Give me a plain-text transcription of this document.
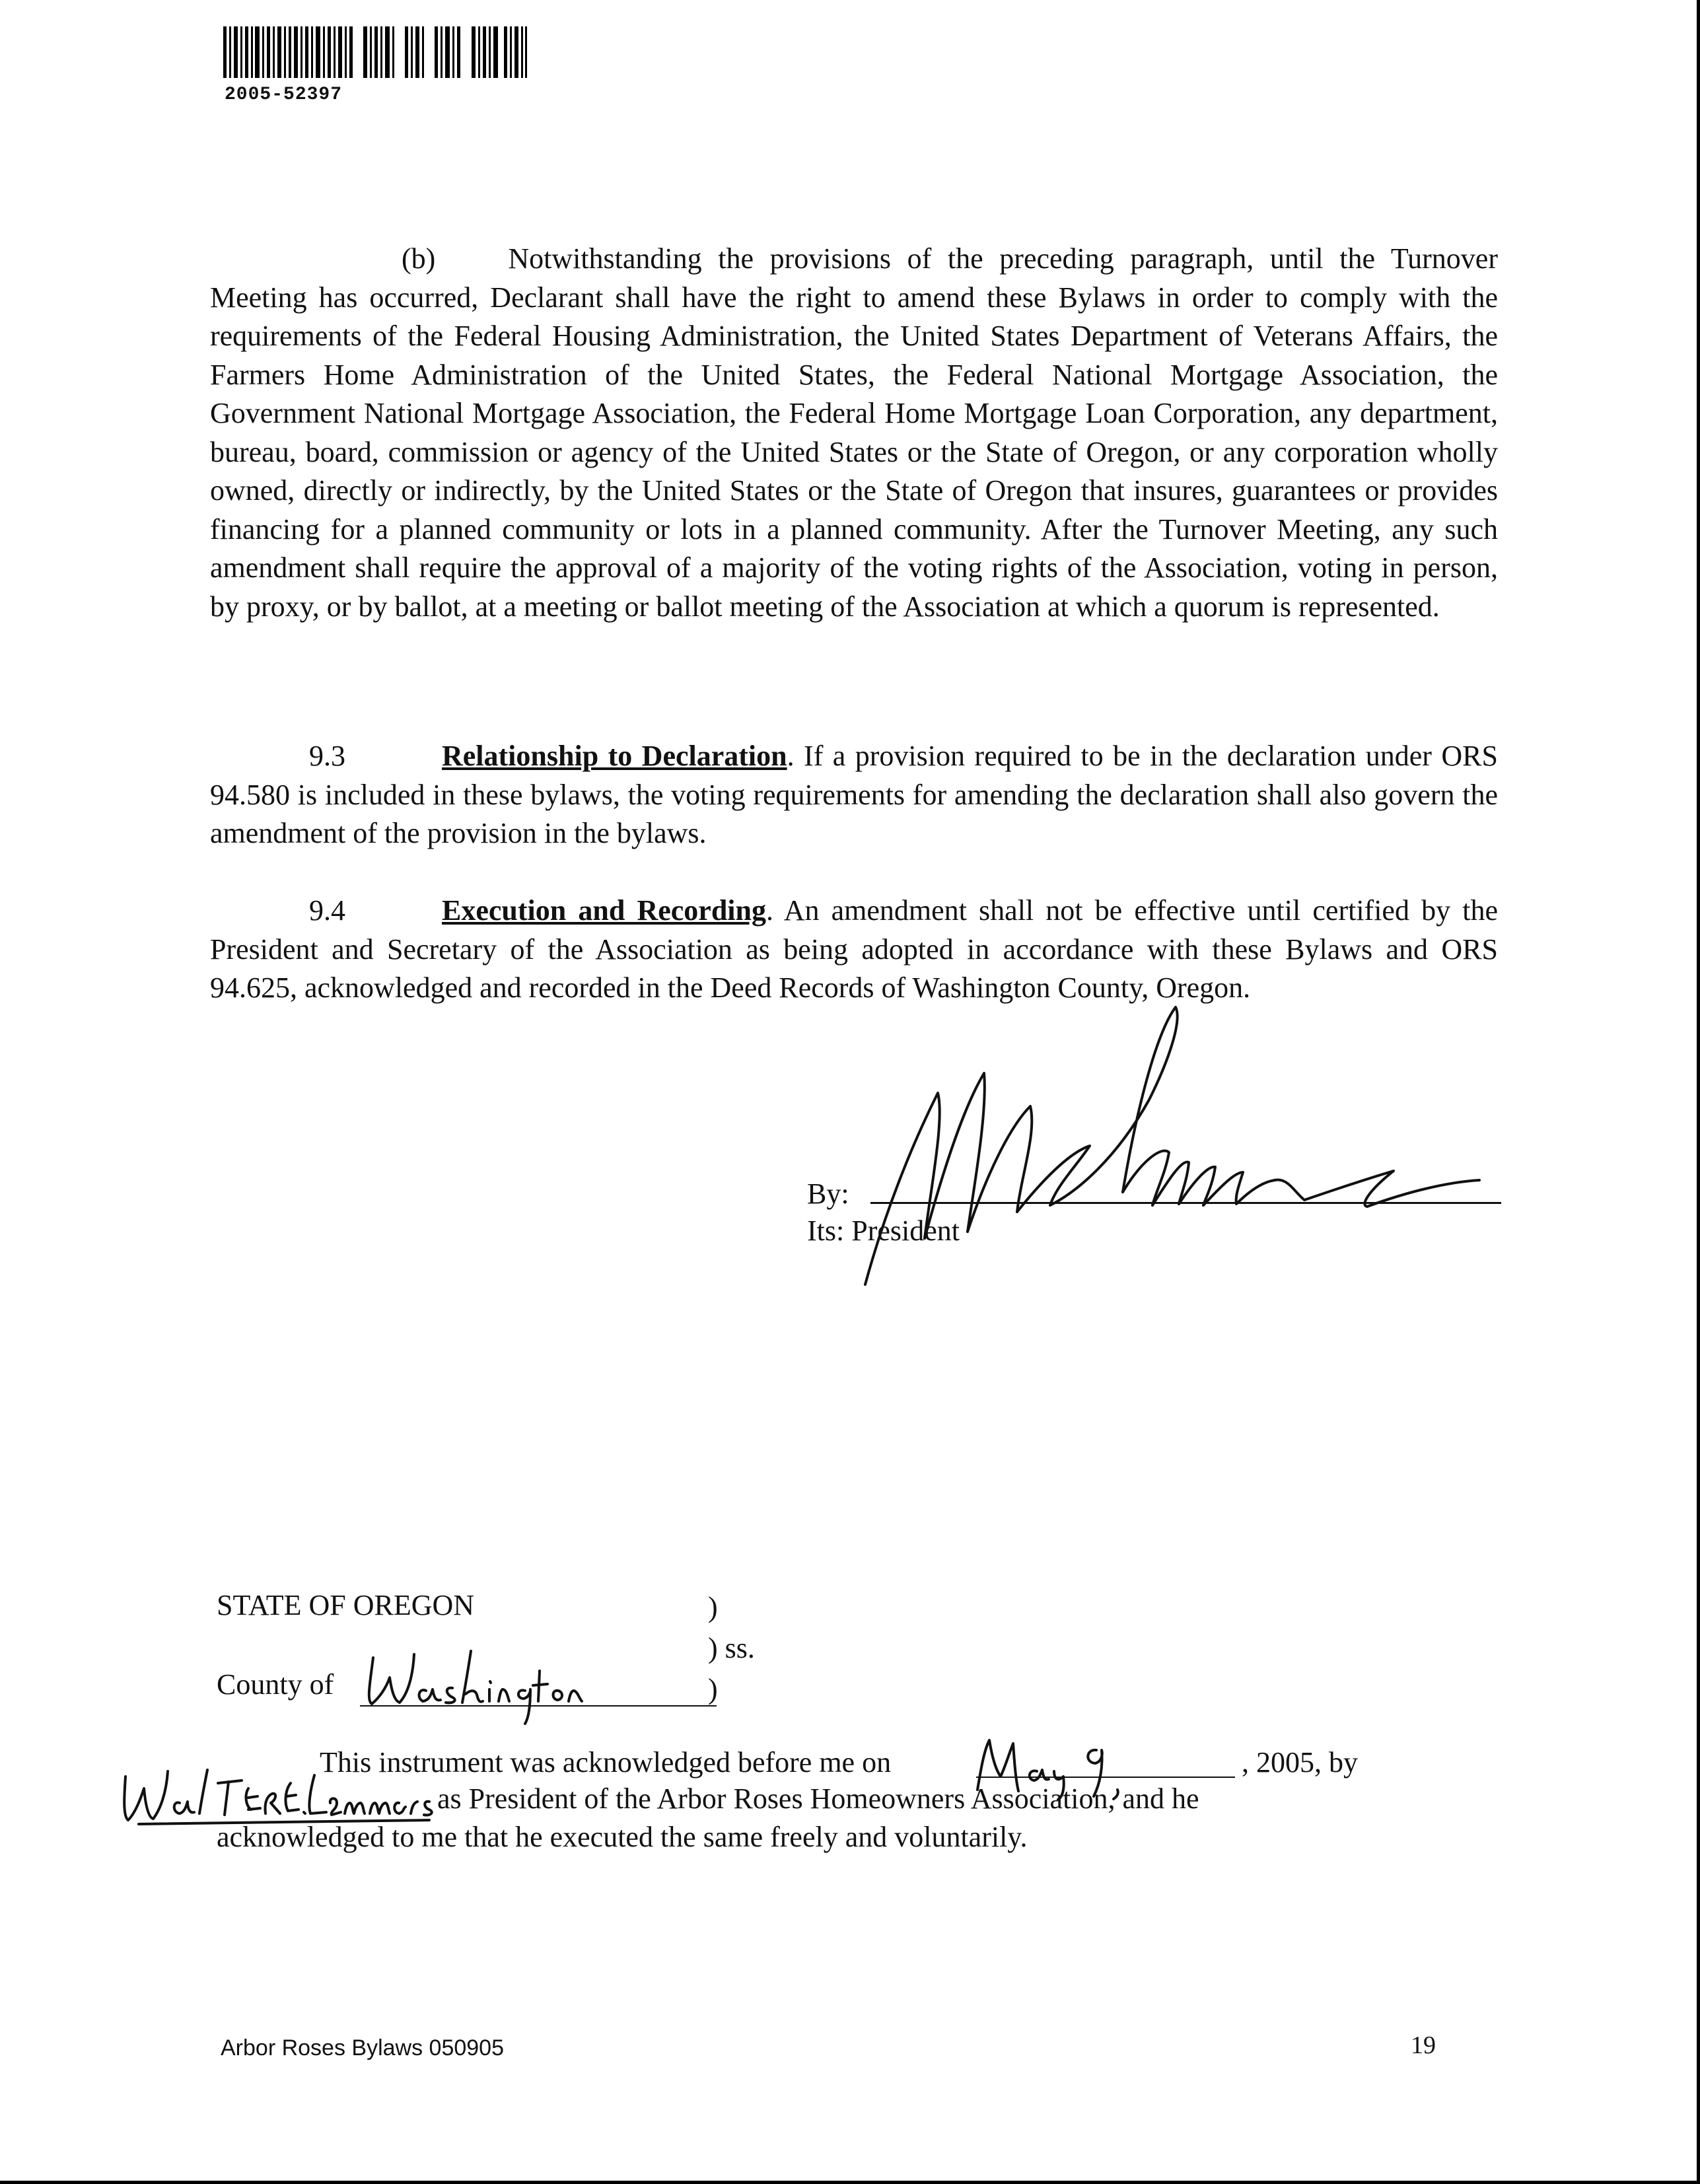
2005-52397
(b)	Notwithstanding the provisions of the preceding paragraph, until the Turnover Meeting has occurred, Declarant shall have the right to amend these Bylaws in order to comply with the requirements of the Federal Housing Administration, the United States Department of Veterans Affairs, the Farmers Home Administration of the United States, the Federal National Mortgage Association, the Government National Mortgage Association, the Federal Home Mortgage Loan Corporation, any department, bureau, board, commission or agency of the United States or the State of Oregon, or any corporation wholly owned, directly or indirectly, by the United States or the State of Oregon that insures, guarantees or provides financing for a planned community or lots in a planned community. After the Turnover Meeting, any such amendment shall require the approval of a majority of the voting rights of the Association, voting in person, by proxy, or by ballot, at a meeting or ballot meeting of the Association at which a quorum is represented.
9.3	Relationship to Declaration. If a provision required to be in the declaration under ORS 94.580 is included in these bylaws, the voting requirements for amending the declaration shall also govern the amendment of the provision in the bylaws.
9.4	Execution and Recording. An amendment shall not be effective until certified by the President and Secretary of the Association as being adopted in accordance with these Bylaws and ORS 94.625, acknowledged and recorded in the Deed Records of Washington County, Oregon.
By:
Its: President
STATE OF OREGON	)
) ss.
)
County of
This instrument was acknowledged before me on	, 2005, by
as President of the Arbor Roses Homeowners Association, and he
acknowledged to me that he executed the same freely and voluntarily.
Arbor Roses Bylaws 050905	19
